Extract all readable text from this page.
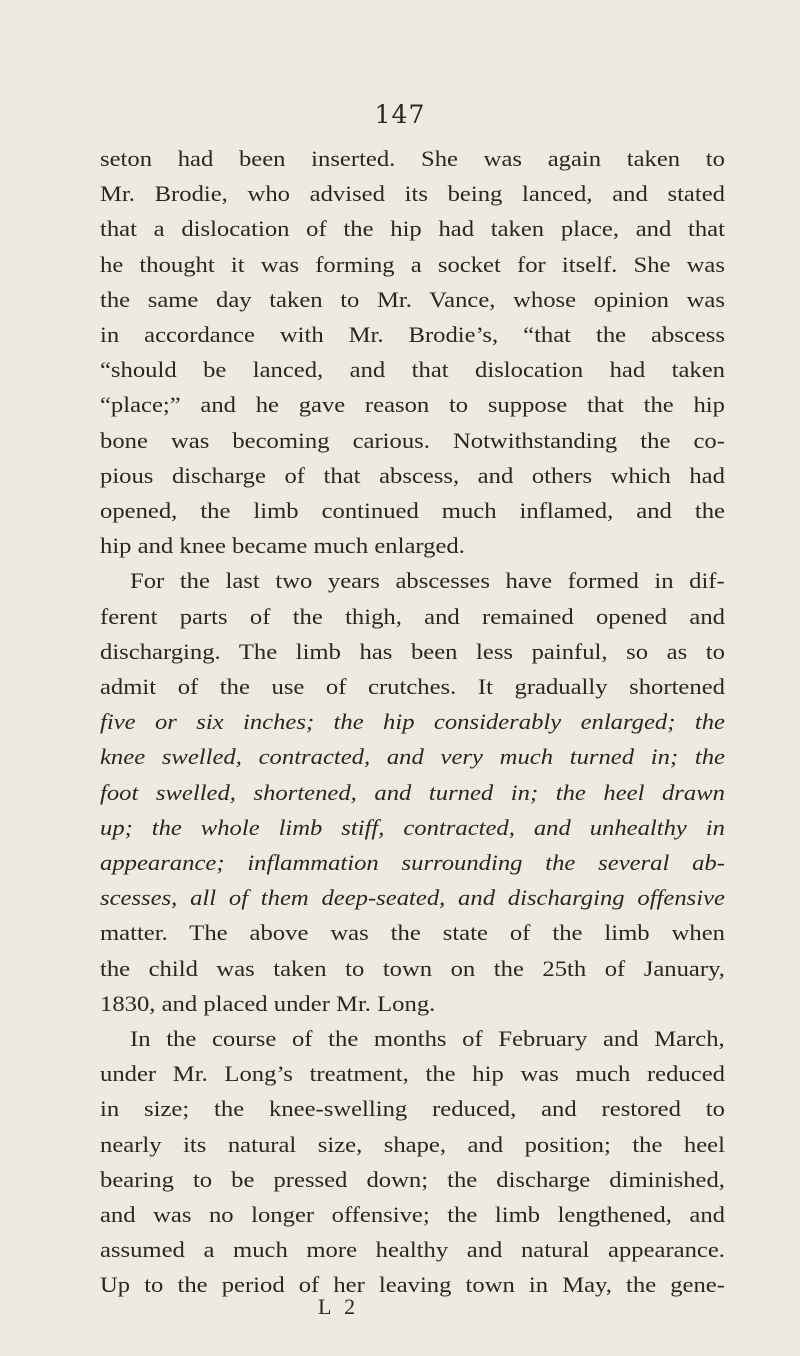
147
seton had been inserted. She was again taken to
Mr. Brodie, who advised its being lanced, and stated
that a dislocation of the hip had taken place, and that
he thought it was forming a socket for itself. She was
the same day taken to Mr. Vance, whose opinion was
in accordance with Mr. Brodie’s, “that the abscess
“should be lanced, and that dislocation had taken
“place;” and he gave reason to suppose that the hip
bone was becoming carious. Notwithstanding the co-
pious discharge of that abscess, and others which had
opened, the limb continued much inflamed, and the
hip and knee became much enlarged.
For the last two years abscesses have formed in dif-
ferent parts of the thigh, and remained opened and
discharging. The limb has been less painful, so as to
admit of the use of crutches. It gradually shortened
five or six inches; the hip considerably enlarged; the
knee swelled, contracted, and very much turned in; the
foot swelled, shortened, and turned in; the heel drawn
up; the whole limb stiff, contracted, and unhealthy in
appearance; inflammation surrounding the several ab-
scesses, all of them deep-seated, and discharging offensive
matter. The above was the state of the limb when
the child was taken to town on the 25th of January,
1830, and placed under Mr. Long.
In the course of the months of February and March,
under Mr. Long’s treatment, the hip was much reduced
in size; the knee-swelling reduced, and restored to
nearly its natural size, shape, and position; the heel
bearing to be pressed down; the discharge diminished,
and was no longer offensive; the limb lengthened, and
assumed a much more healthy and natural appearance.
Up to the period of her leaving town in May, the gene-
L 2
